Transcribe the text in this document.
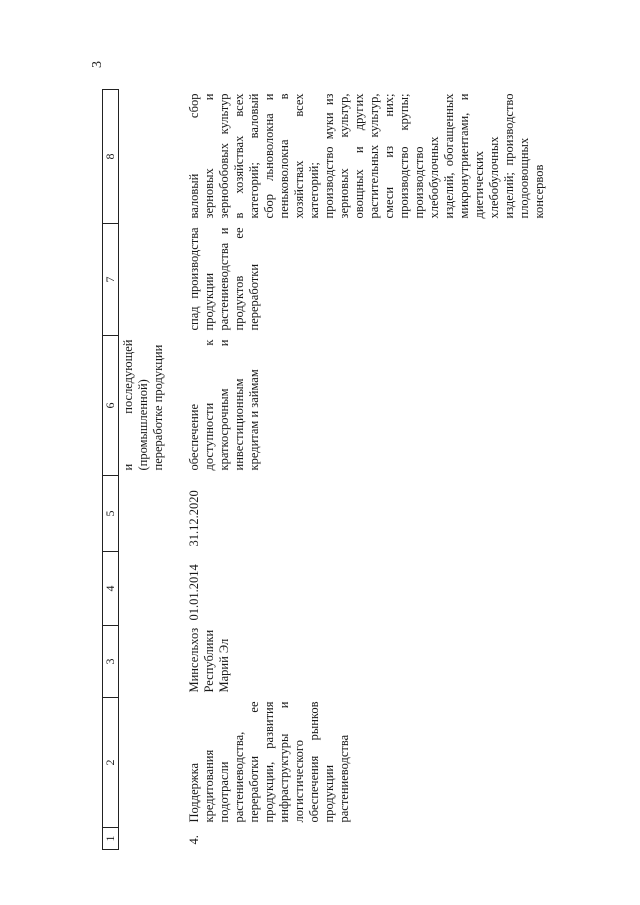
3
1	2	3	4	5	6	7	8
					и последующей (промышленной) переработке продукции		
4.	Поддержка кредитования подотрасли растениеводства, переработки ее продукции, развития инфраструктуры и логистического обеспечения рынков продукции растениеводства	Минсельхоз Республики Марий Эл	01.01.2014	31.12.2020	обеспечение доступности к краткосрочным и инвестиционным кредитам и займам	спад производства продукции растениеводства и продуктов ее переработки	валовый сбор зерновых и зернобобовых культур в хозяйствах всех категорий; валовый сбор льноволокна и пеньковолокна в хозяйствах всех категорий; производство муки из зерновых культур, овощных и других растительных культур, смеси из них; производство крупы; производство хлебобулочных изделий, обогащенных микронутриентами, и диетических хлебобулочных изделий; производство плодоовощных консервов
